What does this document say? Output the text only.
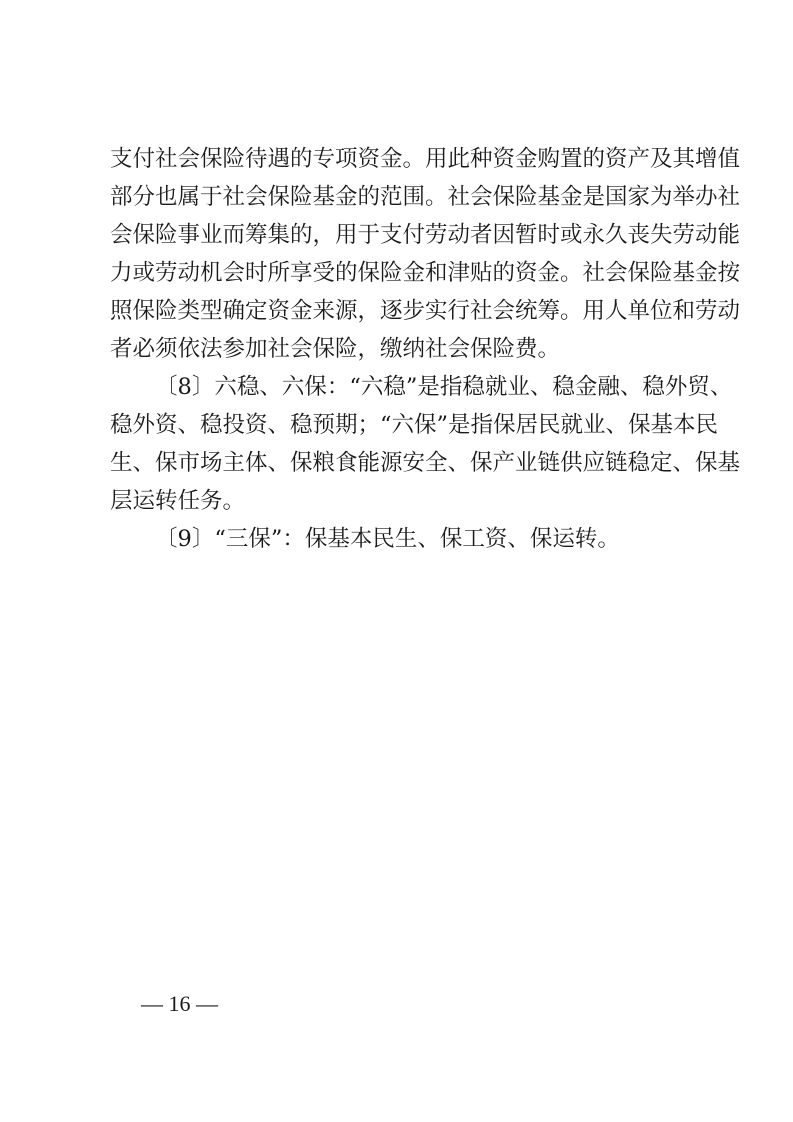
支付社会保险待遇的专项资金。用此种资金购置的资产及其增值
部分也属于社会保险基金的范围。社会保险基金是国家为举办社
会保险事业而筹集的，用于支付劳动者因暂时或永久丧失劳动能
力或劳动机会时所享受的保险金和津贴的资金。社会保险基金按
照保险类型确定资金来源，逐步实行社会统筹。用人单位和劳动
者必须依法参加社会保险，缴纳社会保险费。
〔8〕六稳、六保：“六稳”是指稳就业、稳金融、稳外贸、
稳外资、稳投资、稳预期；“六保”是指保居民就业、保基本民
生、保市场主体、保粮食能源安全、保产业链供应链稳定、保基
层运转任务。
〔9〕“三保”：保基本民生、保工资、保运转。
— 16 —
